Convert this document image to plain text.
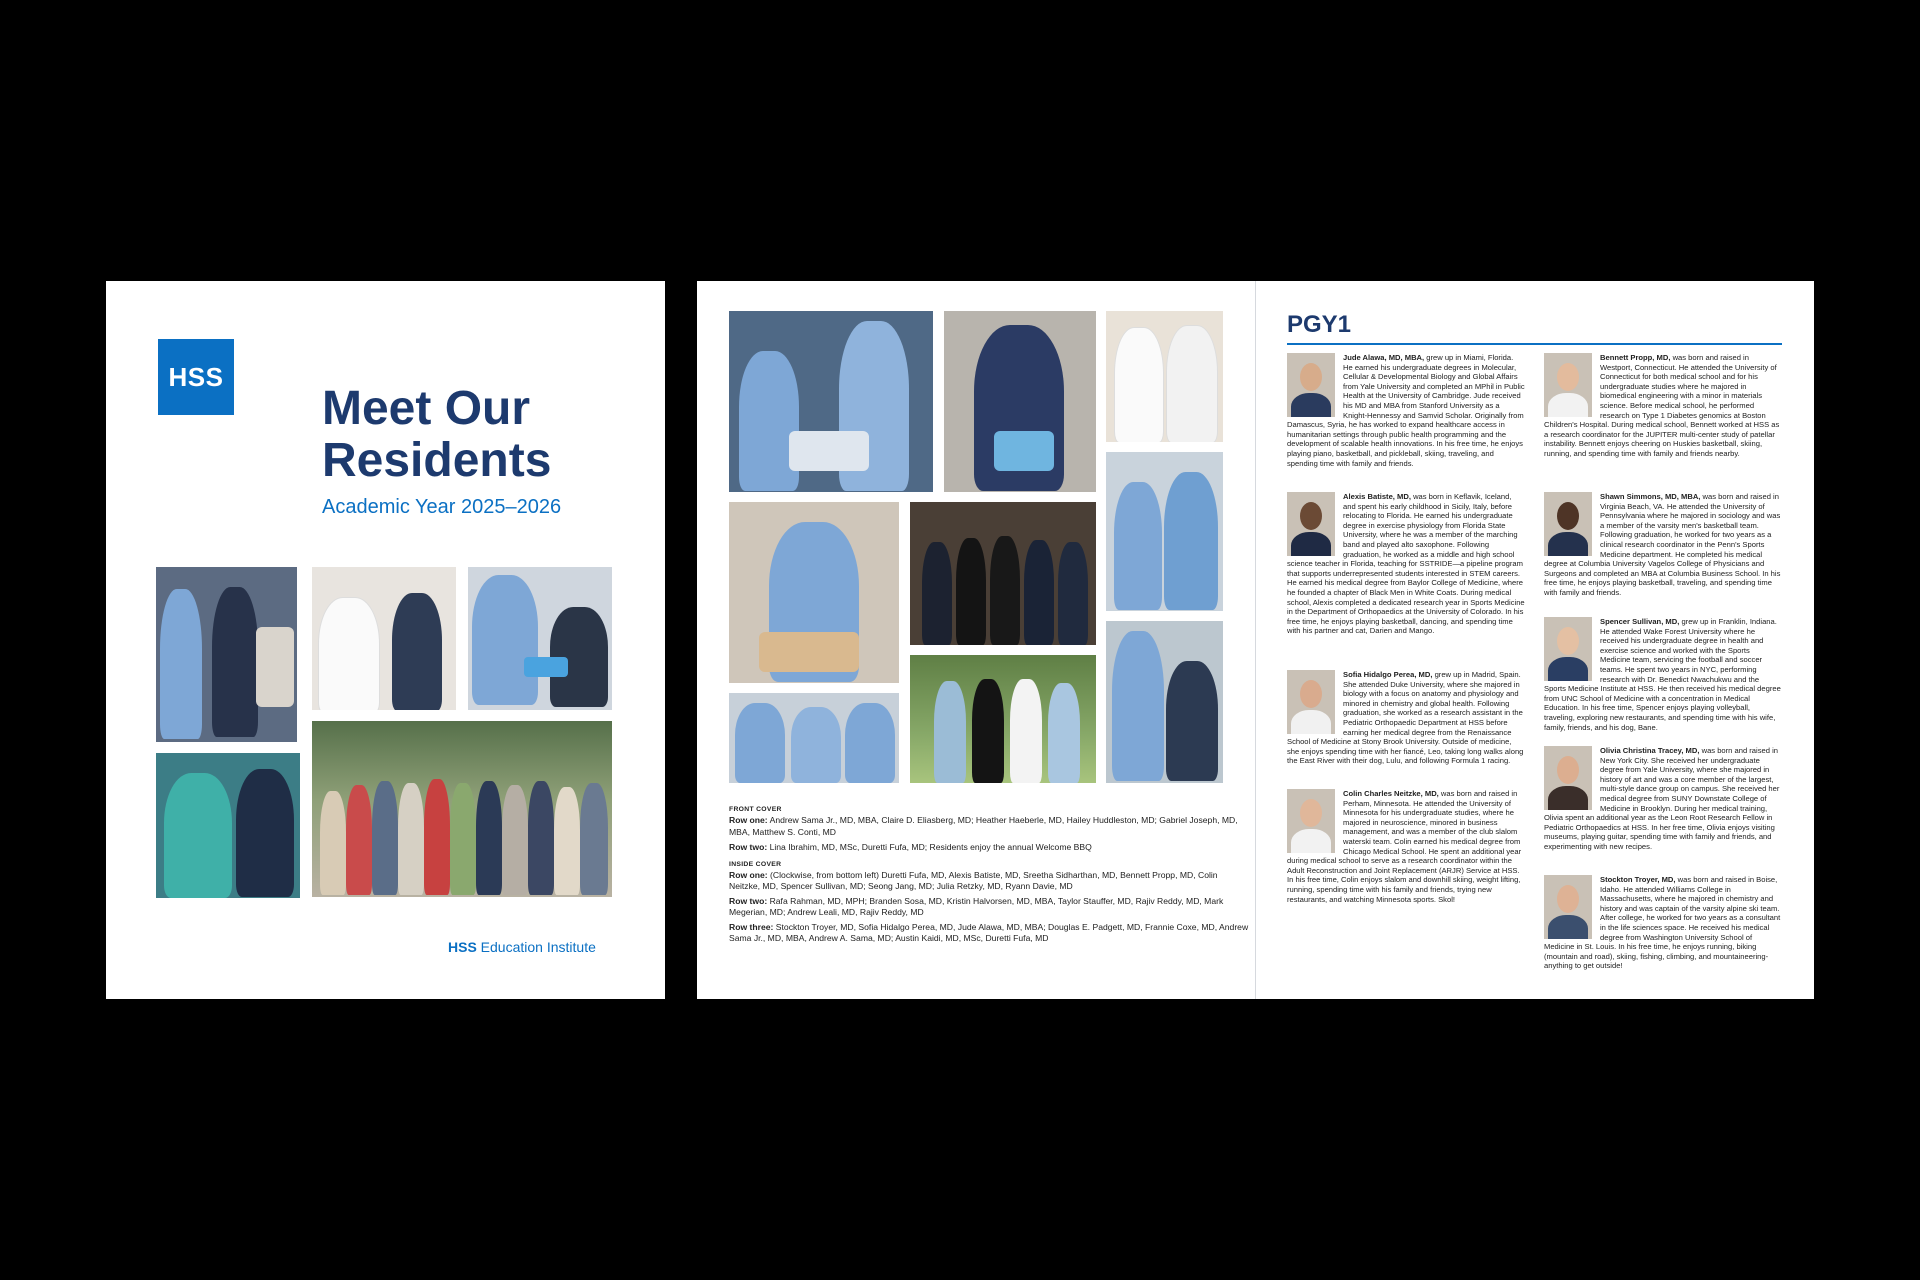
HSS
Meet Our Residents
Academic Year 2025–2026
HSS Education Institute
FRONT COVER

Row one: Andrew Sama Jr., MD, MBA, Claire D. Eliasberg, MD; Heather Haeberle, MD, Hailey Huddleston, MD; Gabriel Joseph, MD, MBA, Matthew S. Conti, MD

Row two: Lina Ibrahim, MD, MSc, Duretti Fufa, MD; Residents enjoy the annual Welcome BBQ

INSIDE COVER

Row one: (Clockwise, from bottom left) Duretti Fufa, MD, Alexis Batiste, MD, Sreetha Sidharthan, MD, Bennett Propp, MD, Colin Neitzke, MD, Spencer Sullivan, MD; Seong Jang, MD; Julia Retzky, MD, Ryann Davie, MD

Row two: Rafa Rahman, MD, MPH; Branden Sosa, MD, Kristin Halvorsen, MD, MBA, Taylor Stauffer, MD, Rajiv Reddy, MD, Mark Megerian, MD; Andrew Leali, MD, Rajiv Reddy, MD

Row three: Stockton Troyer, MD, Sofia Hidalgo Perea, MD, Jude Alawa, MD, MBA; Douglas E. Padgett, MD, Frannie Coxe, MD, Andrew Sama Jr., MD, MBA, Andrew A. Sama, MD; Austin Kaidi, MD, MSc, Duretti Fufa, MD

PGY1
Jude Alawa, MD, MBA, grew up in Miami, Florida. He earned his undergraduate degrees in Molecular, Cellular & Developmental Biology and Global Affairs from Yale University and completed an MPhil in Public Health at the University of Cambridge. Jude received his MD and MBA from Stanford University as a Knight-Hennessy and Samvid Scholar. Originally from Damascus, Syria, he has worked to expand healthcare access in humanitarian settings through public health programming and the development of scalable health innovations. In his free time, he enjoys playing piano, basketball, and pickleball, skiing, traveling, and spending time with family and friends.
Alexis Batiste, MD, was born in Keflavik, Iceland, and spent his early childhood in Sicily, Italy, before relocating to Florida. He earned his undergraduate degree in exercise physiology from Florida State University, where he was a member of the marching band and played alto saxophone. Following graduation, he worked as a middle and high school science teacher in Florida, teaching for SSTRIDE—a pipeline program that supports underrepresented students interested in STEM careers. He earned his medical degree from Baylor College of Medicine, where he founded a chapter of Black Men in White Coats. During medical school, Alexis completed a dedicated research year in Sports Medicine in the Department of Orthopaedics at the University of Colorado. In his free time, he enjoys playing basketball, dancing, and spending time with his partner and cat, Darien and Mango.
Sofia Hidalgo Perea, MD, grew up in Madrid, Spain. She attended Duke University, where she majored in biology with a focus on anatomy and physiology and minored in chemistry and global health. Following graduation, she worked as a research assistant in the Pediatric Orthopaedic Department at HSS before earning her medical degree from the Renaissance School of Medicine at Stony Brook University. Outside of medicine, she enjoys spending time with her fiancé, Leo, taking long walks along the East River with their dog, Lulu, and following Formula 1 racing.
Colin Charles Neitzke, MD, was born and raised in Perham, Minnesota. He attended the University of Minnesota for his undergraduate studies, where he majored in neuroscience, minored in business management, and was a member of the club slalom waterski team. Colin earned his medical degree from Chicago Medical School. He spent an additional year during medical school to serve as a research coordinator within the Adult Reconstruction and Joint Replacement (ARJR) Service at HSS. In his free time, Colin enjoys slalom and downhill skiing, weight lifting, running, spending time with his family and friends, trying new restaurants, and watching Minnesota sports. Skol!
Bennett Propp, MD, was born and raised in Westport, Connecticut. He attended the University of Connecticut for both medical school and for his undergraduate studies where he majored in biomedical engineering with a minor in materials science. Before medical school, he performed research on Type 1 Diabetes genomics at Boston Children's Hospital. During medical school, Bennett worked at HSS as a research coordinator for the JUPITER multi-center study of patellar instability. Bennett enjoys cheering on Huskies basketball, skiing, running, and spending time with family and friends nearby.
Shawn Simmons, MD, MBA, was born and raised in Virginia Beach, VA. He attended the University of Pennsylvania where he majored in sociology and was a member of the varsity men's basketball team. Following graduation, he worked for two years as a clinical research coordinator in the Penn's Sports Medicine department. He completed his medical degree at Columbia University Vagelos College of Physicians and Surgeons and completed an MBA at Columbia Business School. In his free time, he enjoys playing basketball, traveling, and spending time with family and friends.
Spencer Sullivan, MD, grew up in Franklin, Indiana. He attended Wake Forest University where he received his undergraduate degree in health and exercise science and worked with the Sports Medicine team, servicing the football and soccer teams. He spent two years in NYC, performing research with Dr. Benedict Nwachukwu and the Sports Medicine Institute at HSS. He then received his medical degree from UNC School of Medicine with a concentration in Medical Education. In his free time, Spencer enjoys playing volleyball, traveling, exploring new restaurants, and spending time with his wife, family, friends, and his dog, Bane.
Olivia Christina Tracey, MD, was born and raised in New York City. She received her undergraduate degree from Yale University, where she majored in history of art and was a core member of the largest, multi-style dance group on campus. She received her medical degree from SUNY Downstate College of Medicine in Brooklyn. During her medical training, Olivia spent an additional year as the Leon Root Research Fellow in Pediatric Orthopaedics at HSS. In her free time, Olivia enjoys visiting museums, playing guitar, spending time with family and friends, and experimenting with new recipes.
Stockton Troyer, MD, was born and raised in Boise, Idaho. He attended Williams College in Massachusetts, where he majored in chemistry and history and was captain of the varsity alpine ski team. After college, he worked for two years as a consultant in the life sciences space. He received his medical degree from Washington University School of Medicine in St. Louis. In his free time, he enjoys running, biking (mountain and road), skiing, fishing, climbing, and mountaineering-anything to get outside!
